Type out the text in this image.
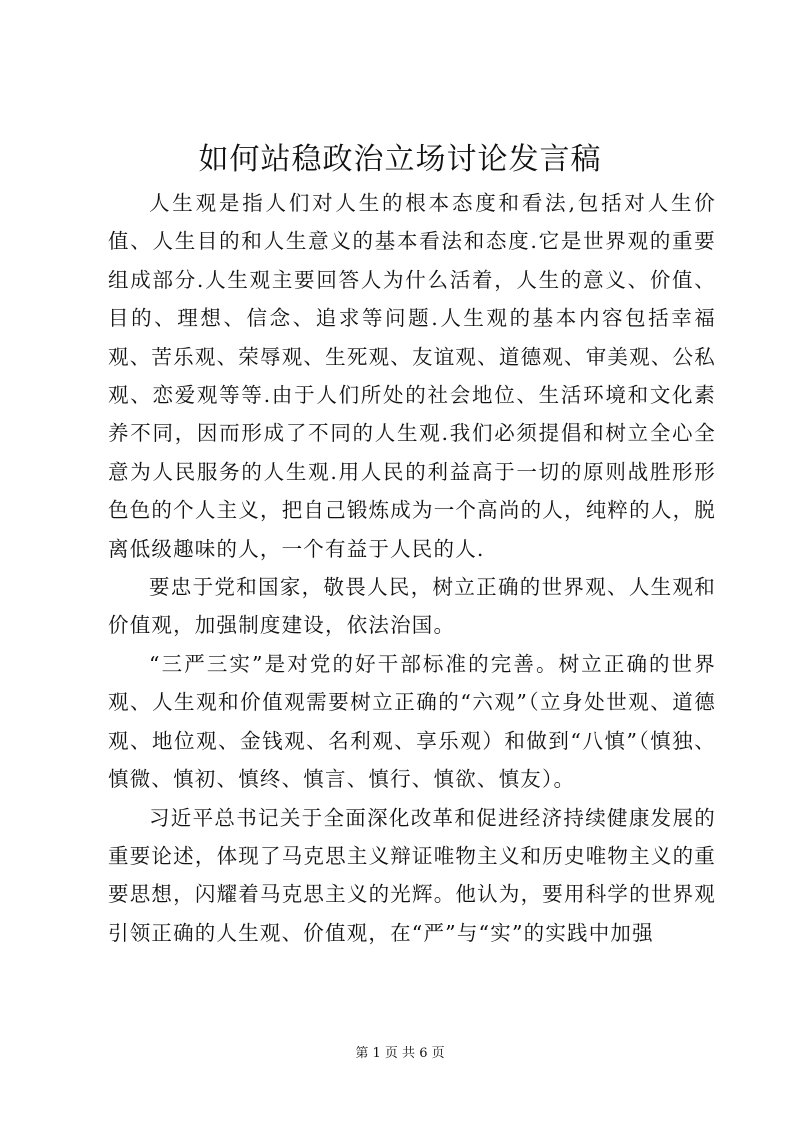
如何站稳政治立场讨论发言稿

人生观是指人们对人生的根本态度和看法,包括对人生价值、人生目的和人生意义的基本看法和态度.它是世界观的重要组成部分.人生观主要回答人为什么活着，人生的意义、价值、目的、理想、信念、追求等问题.人生观的基本内容包括幸福观、苦乐观、荣辱观、生死观、友谊观、道德观、审美观、公私观、恋爱观等等.由于人们所处的社会地位、生活环境和文化素养不同，因而形成了不同的人生观.我们必须提倡和树立全心全意为人民服务的人生观.用人民的利益高于一切的原则战胜形形色色的个人主义，把自己锻炼成为一个高尚的人，纯粹的人，脱离低级趣味的人，一个有益于人民的人.

要忠于党和国家，敬畏人民，树立正确的世界观、人生观和价值观，加强制度建设，依法治国。

“三严三实”是对党的好干部标准的完善。树立正确的世界观、人生观和价值观需要树立正确的“六观”（立身处世观、道德观、地位观、金钱观、名利观、享乐观）和做到“八慎”（慎独、慎微、慎初、慎终、慎言、慎行、慎欲、慎友）。

习近平总书记关于全面深化改革和促进经济持续健康发展的重要论述，体现了马克思主义辩证唯物主义和历史唯物主义的重要思想，闪耀着马克思主义的光辉。他认为，要用科学的世界观引领正确的人生观、价值观，在“严”与“实”的实践中加强

第 1 页 共 6 页
